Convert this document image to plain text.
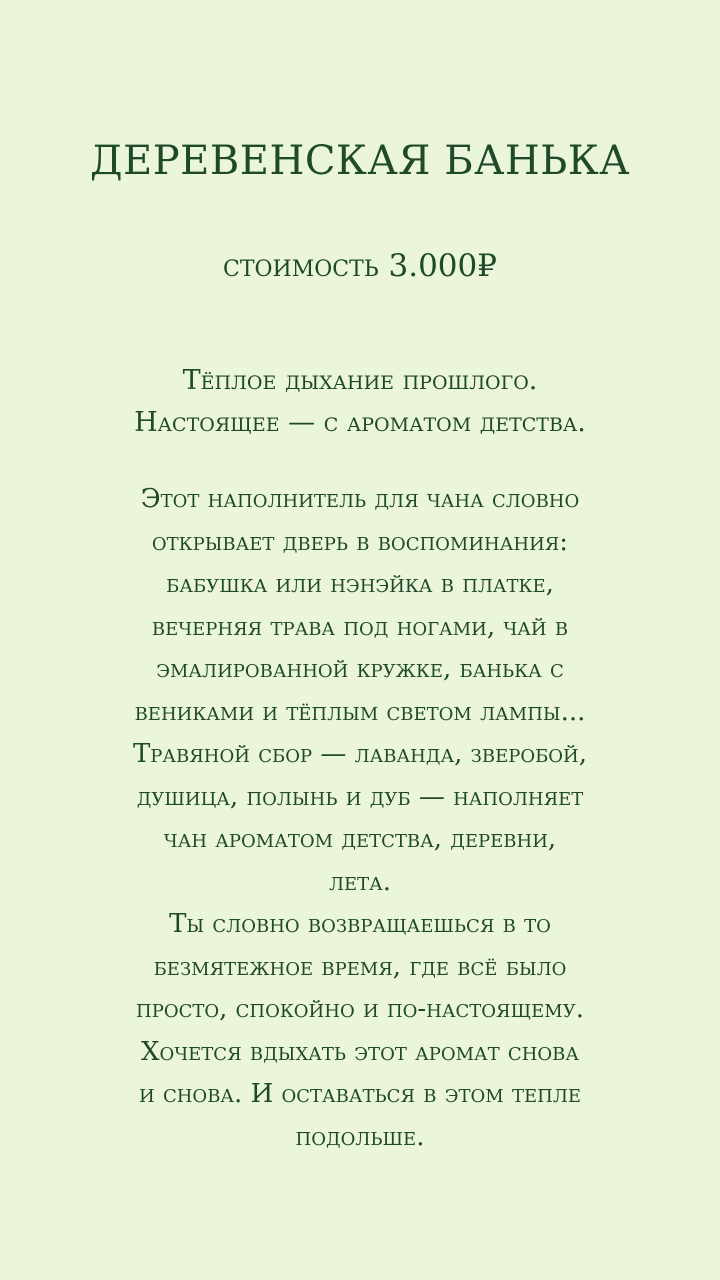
ДЕРЕВЕНСКАЯ БАНЬКА
стоимость 3.000₽

Тёплое дыхание прошлого.
Настоящее — с ароматом детства.

Этот наполнитель для чана словно
открывает дверь в воспоминания:
бабушка или нэнэйка в платке,
вечерняя трава под ногами, чай в
эмалированной кружке, банька с
вениками и тёплым светом лампы...
Травяной сбор — лаванда, зверобой,
душица, полынь и дуб — наполняет
чан ароматом детства, деревни,
лета.
Ты словно возвращаешься в то
безмятежное время, где всё было
просто, спокойно и по-настоящему.
Хочется вдыхать этот аромат снова
и снова. И оставаться в этом тепле
подольше.
